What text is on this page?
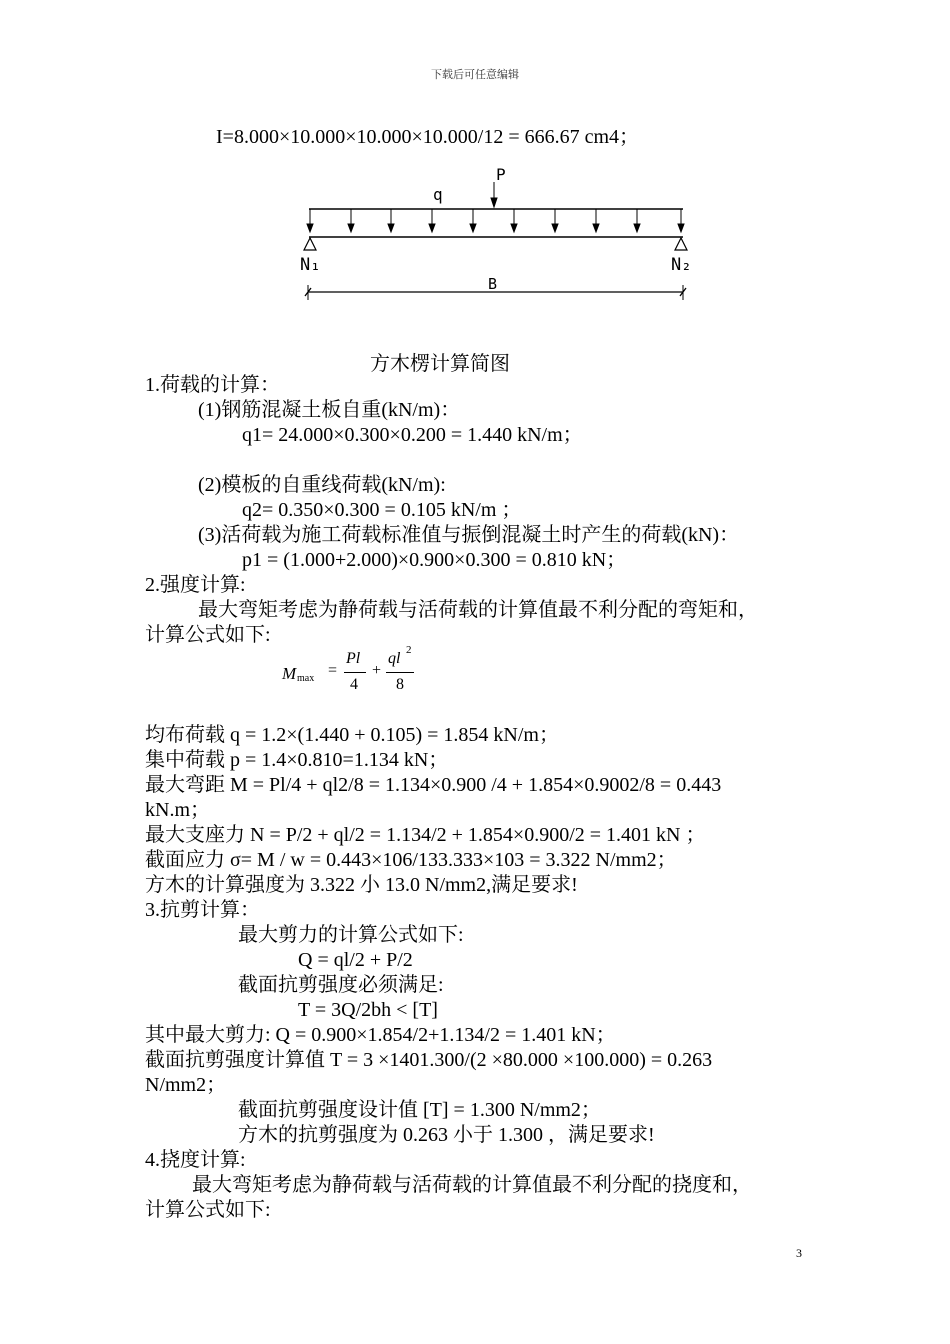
下载后可任意编辑
I=8.000×10.000×10.000×10.000/12 = 666.67 cm4；
q
P
N₁	N₂
B
方木楞计算简图
1.荷载的计算：
(1)钢筋混凝土板自重(kN/m)：
q1= 24.000×0.300×0.200 = 1.440 kN/m；
(2)模板的自重线荷载(kN/m):
q2= 0.350×0.300 = 0.105 kN/m ；
(3)活荷载为施工荷载标准值与振倒混凝土时产生的荷载(kN)：
p1 = (1.000+2.000)×0.900×0.300 = 0.810 kN；
2.强度计算:
最大弯矩考虑为静荷载与活荷载的计算值最不利分配的弯矩和，
计算公式如下:
M max =
Pl
4
+
ql 2
8
均布荷载 q = 1.2×(1.440 + 0.105) = 1.854 kN/m；
集中荷载 p = 1.4×0.810=1.134 kN；
最大弯距 M = Pl/4 + ql2/8 = 1.134×0.900 /4 + 1.854×0.9002/8 = 0.443
kN.m；
最大支座力 N = P/2 + ql/2 = 1.134/2 + 1.854×0.900/2 = 1.401 kN ；
截面应力 σ= M / w = 0.443×106/133.333×103 = 3.322 N/mm2；
方木的计算强度为 3.322 小 13.0 N/mm2,满足要求!
3.抗剪计算：
最大剪力的计算公式如下:
Q = ql/2 + P/2
截面抗剪强度必须满足:
T = 3Q/2bh < [T]
其中最大剪力: Q = 0.900×1.854/2+1.134/2 = 1.401 kN；
截面抗剪强度计算值 T = 3 ×1401.300/(2 ×80.000 ×100.000) = 0.263
N/mm2；
截面抗剪强度设计值 [T] = 1.300 N/mm2；
方木的抗剪强度为 0.263 小于 1.300 ，满足要求!
4.挠度计算:
最大弯矩考虑为静荷载与活荷载的计算值最不利分配的挠度和，
计算公式如下:
3
